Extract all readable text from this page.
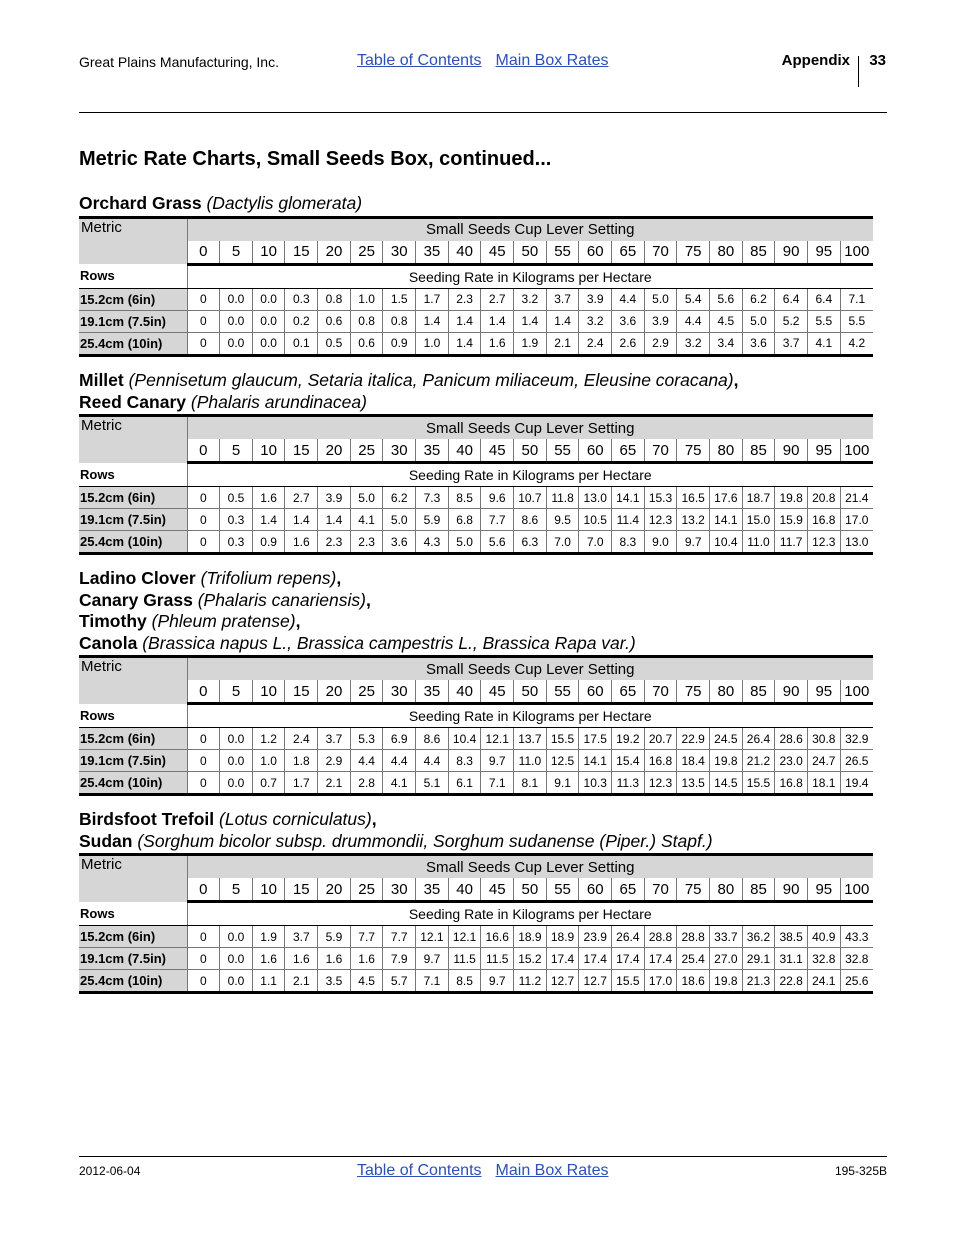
Great Plains Manufacturing, Inc.	Table of Contents Main Box Rates	Appendix 33
Metric Rate Charts, Small Seeds Box, continued...
Orchard Grass (Dactylis glomerata)
Metric	Small Seeds Cup Lever Setting																				
	0	5	10	15	20	25	30	35	40	45	50	55	60	65	70	75	80	85	90	95	100
Rows	Seeding Rate in Kilograms per Hectare																				
15.2cm (6in)	0	0.0	0.0	0.3	0.8	1.0	1.5	1.7	2.3	2.7	3.2	3.7	3.9	4.4	5.0	5.4	5.6	6.2	6.4	6.4	7.1
19.1cm (7.5in)	0	0.0	0.0	0.2	0.6	0.8	0.8	1.4	1.4	1.4	1.4	1.4	3.2	3.6	3.9	4.4	4.5	5.0	5.2	5.5	5.5
25.4cm (10in)	0	0.0	0.0	0.1	0.5	0.6	0.9	1.0	1.4	1.6	1.9	2.1	2.4	2.6	2.9	3.2	3.4	3.6	3.7	4.1	4.2
Millet (Pennisetum glaucum, Setaria italica, Panicum miliaceum, Eleusine coracana),
Reed Canary (Phalaris arundinacea)
Metric	Small Seeds Cup Lever Setting																				
	0	5	10	15	20	25	30	35	40	45	50	55	60	65	70	75	80	85	90	95	100
Rows	Seeding Rate in Kilograms per Hectare																				
15.2cm (6in)	0	0.5	1.6	2.7	3.9	5.0	6.2	7.3	8.5	9.6	10.7	11.8	13.0	14.1	15.3	16.5	17.6	18.7	19.8	20.8	21.4
19.1cm (7.5in)	0	0.3	1.4	1.4	1.4	4.1	5.0	5.9	6.8	7.7	8.6	9.5	10.5	11.4	12.3	13.2	14.1	15.0	15.9	16.8	17.0
25.4cm (10in)	0	0.3	0.9	1.6	2.3	2.3	3.6	4.3	5.0	5.6	6.3	7.0	7.0	8.3	9.0	9.7	10.4	11.0	11.7	12.3	13.0
Ladino Clover (Trifolium repens),
Canary Grass (Phalaris canariensis),
Timothy (Phleum pratense),
Canola (Brassica napus L., Brassica campestris L., Brassica Rapa var.)
Metric	Small Seeds Cup Lever Setting																				
	0	5	10	15	20	25	30	35	40	45	50	55	60	65	70	75	80	85	90	95	100
Rows	Seeding Rate in Kilograms per Hectare																				
15.2cm (6in)	0	0.0	1.2	2.4	3.7	5.3	6.9	8.6	10.4	12.1	13.7	15.5	17.5	19.2	20.7	22.9	24.5	26.4	28.6	30.8	32.9
19.1cm (7.5in)	0	0.0	1.0	1.8	2.9	4.4	4.4	4.4	8.3	9.7	11.0	12.5	14.1	15.4	16.8	18.4	19.8	21.2	23.0	24.7	26.5
25.4cm (10in)	0	0.0	0.7	1.7	2.1	2.8	4.1	5.1	6.1	7.1	8.1	9.1	10.3	11.3	12.3	13.5	14.5	15.5	16.8	18.1	19.4
Birdsfoot Trefoil (Lotus corniculatus),
Sudan (Sorghum bicolor subsp. drummondii, Sorghum sudanense (Piper.) Stapf.)
Metric	Small Seeds Cup Lever Setting																				
	0	5	10	15	20	25	30	35	40	45	50	55	60	65	70	75	80	85	90	95	100
Rows	Seeding Rate in Kilograms per Hectare																				
15.2cm (6in)	0	0.0	1.9	3.7	5.9	7.7	7.7	12.1	12.1	16.6	18.9	18.9	23.9	26.4	28.8	28.8	33.7	36.2	38.5	40.9	43.3
19.1cm (7.5in)	0	0.0	1.6	1.6	1.6	1.6	7.9	9.7	11.5	11.5	15.2	17.4	17.4	17.4	17.4	25.4	27.0	29.1	31.1	32.8	32.8
25.4cm (10in)	0	0.0	1.1	2.1	3.5	4.5	5.7	7.1	8.5	9.7	11.2	12.7	12.7	15.5	17.0	18.6	19.8	21.3	22.8	24.1	25.6
2012-06-04	Table of Contents Main Box Rates	195-325B
